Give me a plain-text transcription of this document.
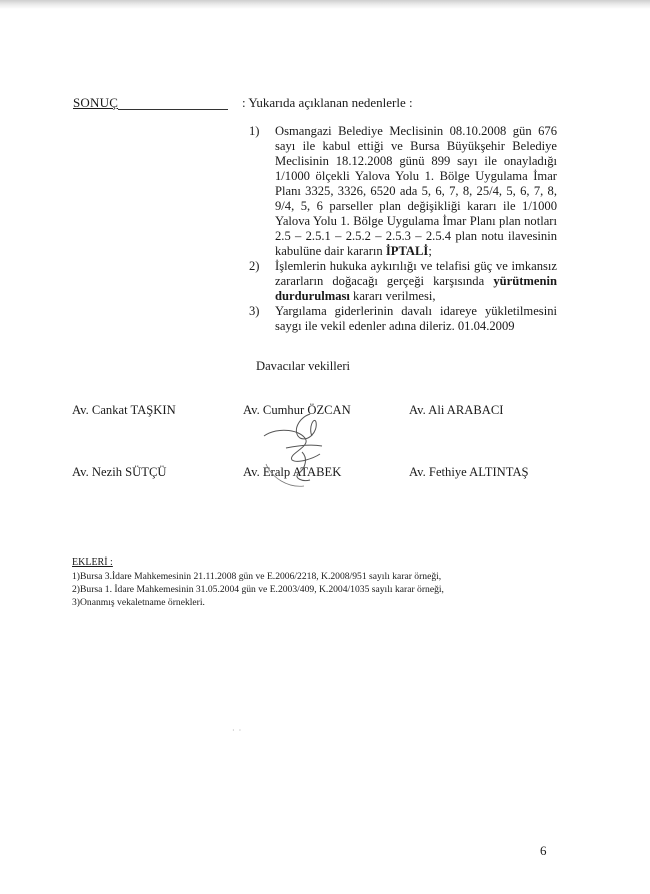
SONUÇ	: Yukarıda açıklanan nedenlerle :
1) Osmangazi Belediye Meclisinin 08.10.2008 gün 676 sayı ile kabul ettiği ve Bursa Büyükşehir Belediye Meclisinin 18.12.2008 günü 899 sayı ile onayladığı 1/1000 ölçekli Yalova Yolu 1. Bölge Uygulama İmar Planı 3325, 3326, 6520 ada 5, 6, 7, 8, 25/4, 5, 6, 7, 8, 9/4, 5, 6 parseller plan değişikliği kararı ile 1/1000 Yalova Yolu 1. Bölge Uygulama İmar Planı plan notları 2.5 – 2.5.1 – 2.5.2 – 2.5.3 – 2.5.4 plan notu ilavesinin kabulüne dair kararın İPTALİ;
2) İşlemlerin hukuka aykırılığı ve telafisi güç ve imkansız zararların doğacağı gerçeği karşısında yürütmenin durdurulması kararı verilmesi,
3) Yargılama giderlerinin davalı idareye yükletilmesini saygı ile vekil edenler adına dileriz. 01.04.2009
Davacılar vekilleri
Av. Cankat TAŞKIN	Av. Cumhur ÖZCAN	Av. Ali ARABACI
Av. Nezih SÜTÇÜ	Av. Eralp ATABEK	Av. Fethiye ALTINTAŞ
EKLERİ :
1)Bursa 3.İdare Mahkemesinin 21.11.2008 gün ve E.2006/2218, K.2008/951 sayılı karar örneği,
2)Bursa 1. İdare Mahkemesinin 31.05.2004 gün ve E.2003/409, K.2004/1035 sayılı karar örneği,
3)Onanmış vekaletname örnekleri.
· ·
6
